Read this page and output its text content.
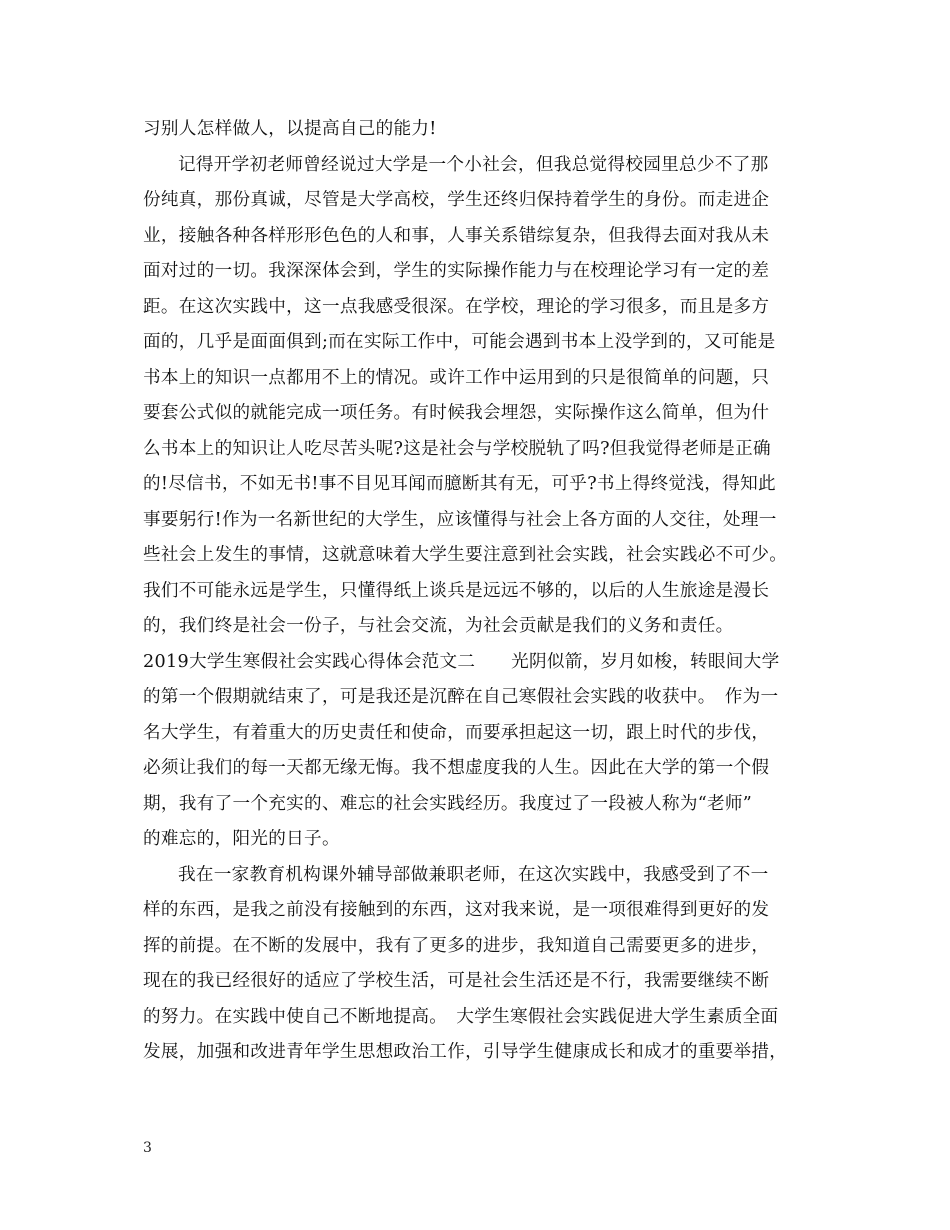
习别人怎样做人，以提高自己的能力!
记得开学初老师曾经说过大学是一个小社会，但我总觉得校园里总少不了那
份纯真，那份真诚，尽管是大学高校，学生还终归保持着学生的身份。而走进企
业，接触各种各样形形色色的人和事，人事关系错综复杂，但我得去面对我从未
面对过的一切。我深深体会到，学生的实际操作能力与在校理论学习有一定的差
距。在这次实践中，这一点我感受很深。在学校，理论的学习很多，而且是多方
面的，几乎是面面俱到;而在实际工作中，可能会遇到书本上没学到的，又可能是
书本上的知识一点都用不上的情况。或许工作中运用到的只是很简单的问题，只
要套公式似的就能完成一项任务。有时候我会埋怨，实际操作这么简单，但为什
么书本上的知识让人吃尽苦头呢?这是社会与学校脱轨了吗?但我觉得老师是正确
的!尽信书，不如无书!事不目见耳闻而臆断其有无，可乎?书上得终觉浅，得知此
事要躬行!作为一名新世纪的大学生，应该懂得与社会上各方面的人交往，处理一
些社会上发生的事情，这就意味着大学生要注意到社会实践，社会实践必不可少。
我们不可能永远是学生，只懂得纸上谈兵是远远不够的，以后的人生旅途是漫长
的，我们终是社会一份子，与社会交流，为社会贡献是我们的义务和责任。
2019大学生寒假社会实践心得体会范文二　　光阴似箭，岁月如梭，转眼间大学
的第一个假期就结束了，可是我还是沉醉在自己寒假社会实践的收获中。　作为一
名大学生，有着重大的历史责任和使命，而要承担起这一切，跟上时代的步伐，
必须让我们的每一天都无缘无悔。我不想虚度我的人生。因此在大学的第一个假
期，我有了一个充实的、难忘的社会实践经历。我度过了一段被人称为“老师”
的难忘的，阳光的日子。
我在一家教育机构课外辅导部做兼职老师，在这次实践中，我感受到了不一
样的东西，是我之前没有接触到的东西，这对我来说，是一项很难得到更好的发
挥的前提。在不断的发展中，我有了更多的进步，我知道自己需要更多的进步，
现在的我已经很好的适应了学校生活，可是社会生活还是不行，我需要继续不断
的努力。在实践中使自己不断地提高。　大学生寒假社会实践促进大学生素质全面
发展，加强和改进青年学生思想政治工作，引导学生健康成长和成才的重要举措，
3
